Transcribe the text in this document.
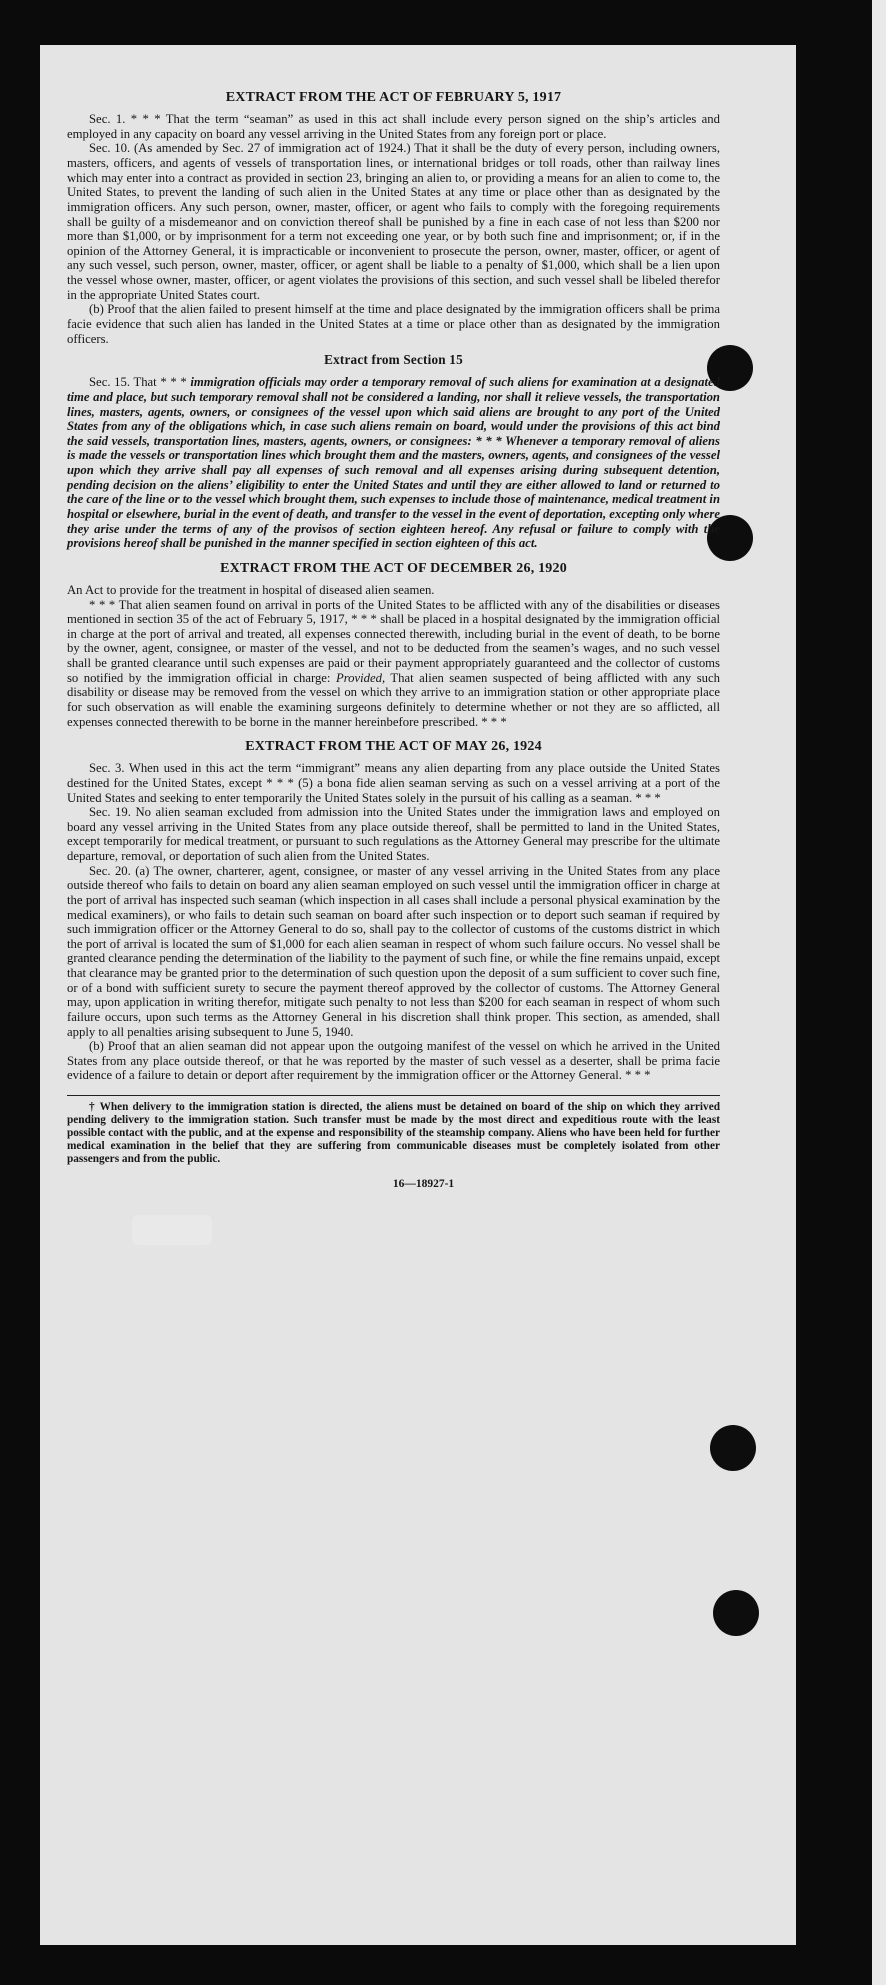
EXTRACT FROM THE ACT OF FEBRUARY 5, 1917

Sec. 1. * * * That the term “seaman” as used in this act shall include every person signed on the ship’s articles and employed in any capacity on board any vessel arriving in the United States from any foreign port or place.

Sec. 10. (As amended by Sec. 27 of immigration act of 1924.) That it shall be the duty of every person, including owners, masters, officers, and agents of vessels of transportation lines, or international bridges or toll roads, other than railway lines which may enter into a contract as provided in section 23, bringing an alien to, or providing a means for an alien to come to, the United States, to prevent the landing of such alien in the United States at any time or place other than as designated by the immigration officers. Any such person, owner, master, officer, or agent who fails to comply with the foregoing requirements shall be guilty of a misdemeanor and on conviction thereof shall be punished by a fine in each case of not less than $200 nor more than $1,000, or by imprisonment for a term not exceeding one year, or by both such fine and imprisonment; or, if in the opinion of the Attorney General, it is impracticable or inconvenient to prosecute the person, owner, master, officer, or agent of any such vessel, such person, owner, master, officer, or agent shall be liable to a penalty of $1,000, which shall be a lien upon the vessel whose owner, master, officer, or agent violates the provisions of this section, and such vessel shall be libeled therefor in the appropriate United States court.

(b) Proof that the alien failed to present himself at the time and place designated by the immigration officers shall be prima facie evidence that such alien has landed in the United States at a time or place other than as designated by the immigration officers.

Extract from Section 15

Sec. 15. That * * * immigration officials may order a temporary removal of such aliens for examination at a designated time and place, but such temporary removal shall not be considered a landing, nor shall it relieve vessels, the transportation lines, masters, agents, owners, or consignees of the vessel upon which said aliens are brought to any port of the United States from any of the obligations which, in case such aliens remain on board, would under the provisions of this act bind the said vessels, transportation lines, masters, agents, owners, or consignees: * * * Whenever a temporary removal of aliens is made the vessels or transportation lines which brought them and the masters, owners, agents, and consignees of the vessel upon which they arrive shall pay all expenses of such removal and all expenses arising during subsequent detention, pending decision on the aliens’ eligibility to enter the United States and until they are either allowed to land or returned to the care of the line or to the vessel which brought them, such expenses to include those of maintenance, medical treatment in hospital or elsewhere, burial in the event of death, and transfer to the vessel in the event of deportation, excepting only where they arise under the terms of any of the provisos of section eighteen hereof. Any refusal or failure to comply with the provisions hereof shall be punished in the manner specified in section eighteen of this act.

EXTRACT FROM THE ACT OF DECEMBER 26, 1920

An Act to provide for the treatment in hospital of diseased alien seamen.

* * * That alien seamen found on arrival in ports of the United States to be afflicted with any of the disabilities or diseases mentioned in section 35 of the act of February 5, 1917, * * * shall be placed in a hospital designated by the immigration official in charge at the port of arrival and treated, all expenses connected therewith, including burial in the event of death, to be borne by the owner, agent, consignee, or master of the vessel, and not to be deducted from the seamen’s wages, and no such vessel shall be granted clearance until such expenses are paid or their payment appropriately guaranteed and the collector of customs so notified by the immigration official in charge: Provided, That alien seamen suspected of being afflicted with any such disability or disease may be removed from the vessel on which they arrive to an immigration station or other appropriate place for such observation as will enable the examining surgeons definitely to determine whether or not they are so afflicted, all expenses connected therewith to be borne in the manner hereinbefore prescribed. * * *

EXTRACT FROM THE ACT OF MAY 26, 1924

Sec. 3. When used in this act the term “immigrant” means any alien departing from any place outside the United States destined for the United States, except * * * (5) a bona fide alien seaman serving as such on a vessel arriving at a port of the United States and seeking to enter temporarily the United States solely in the pursuit of his calling as a seaman. * * *

Sec. 19. No alien seaman excluded from admission into the United States under the immigration laws and employed on board any vessel arriving in the United States from any place outside thereof, shall be permitted to land in the United States, except temporarily for medical treatment, or pursuant to such regulations as the Attorney General may prescribe for the ultimate departure, removal, or deportation of such alien from the United States.

Sec. 20. (a) The owner, charterer, agent, consignee, or master of any vessel arriving in the United States from any place outside thereof who fails to detain on board any alien seaman employed on such vessel until the immigration officer in charge at the port of arrival has inspected such seaman (which inspection in all cases shall include a personal physical examination by the medical examiners), or who fails to detain such seaman on board after such inspection or to deport such seaman if required by such immigration officer or the Attorney General to do so, shall pay to the collector of customs of the customs district in which the port of arrival is located the sum of $1,000 for each alien seaman in respect of whom such failure occurs. No vessel shall be granted clearance pending the determination of the liability to the payment of such fine, or while the fine remains unpaid, except that clearance may be granted prior to the determination of such question upon the deposit of a sum sufficient to cover such fine, or of a bond with sufficient surety to secure the payment thereof approved by the collector of customs. The Attorney General may, upon application in writing therefor, mitigate such penalty to not less than $200 for each seaman in respect of whom such failure occurs, upon such terms as the Attorney General in his discretion shall think proper. This section, as amended, shall apply to all penalties arising subsequent to June 5, 1940.

(b) Proof that an alien seaman did not appear upon the outgoing manifest of the vessel on which he arrived in the United States from any place outside thereof, or that he was reported by the master of such vessel as a deserter, shall be prima facie evidence of a failure to detain or deport after requirement by the immigration officer or the Attorney General. * * *

† When delivery to the immigration station is directed, the aliens must be detained on board of the ship on which they arrived pending delivery to the immigration station. Such transfer must be made by the most direct and expeditious route with the least possible contact with the public, and at the expense and responsibility of the steamship company. Aliens who have been held for further medical examination in the belief that they are suffering from communicable diseases must be completely isolated from other passengers and from the public.

16—18927-1
